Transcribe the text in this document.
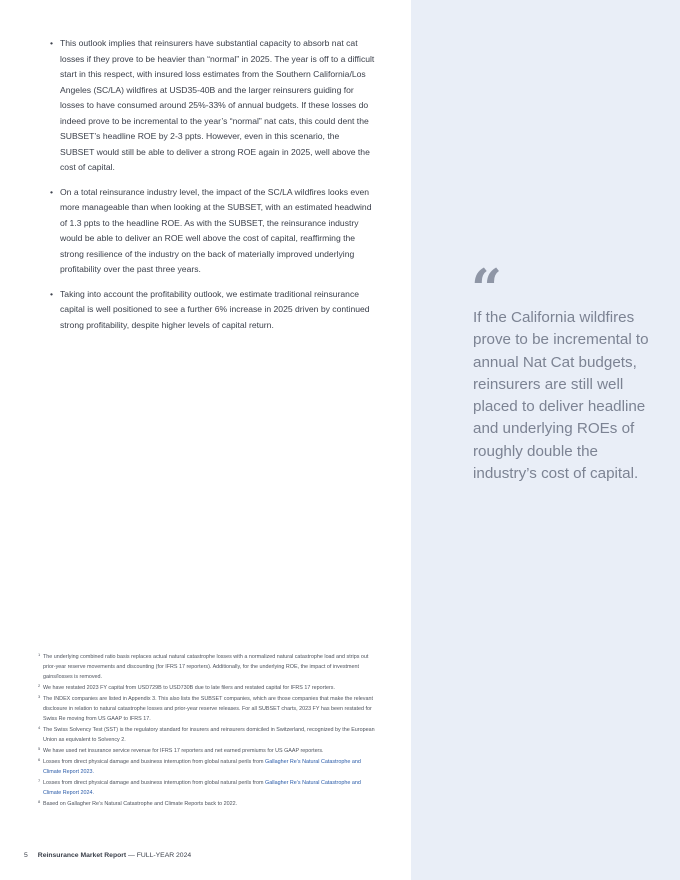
• This outlook implies that reinsurers have substantial capacity to absorb nat cat losses if they prove to be heavier than “normal” in 2025. The year is off to a difficult start in this respect, with insured loss estimates from the Southern California/Los Angeles (SC/LA) wildfires at USD35-40B and the larger reinsurers guiding for losses to have consumed around 25%-33% of annual budgets. If these losses do indeed prove to be incremental to the year’s “normal” nat cats, this could dent the SUBSET’s headline ROE by 2-3 ppts. However, even in this scenario, the SUBSET would still be able to deliver a strong ROE again in 2025, well above the cost of capital.
• On a total reinsurance industry level, the impact of the SC/LA wildfires looks even more manageable than when looking at the SUBSET, with an estimated headwind of 1.3 ppts to the headline ROE. As with the SUBSET, the reinsurance industry would be able to deliver an ROE well above the cost of capital, reaffirming the strong resilience of the industry on the back of materially improved underlying profitability over the past three years.
• Taking into account the profitability outlook, we estimate traditional reinsurance capital is well positioned to see a further 6% increase in 2025 driven by continued strong profitability, despite higher levels of capital return.
“
If the California wildfires prove to be incremental to annual Nat Cat budgets, reinsurers are still well placed to deliver headline and underlying ROEs of roughly double the industry’s cost of capital.
1 The underlying combined ratio basis replaces actual natural catastrophe losses with a normalized natural catastrophe load and strips out prior-year reserve movements and discounting (for IFRS 17 reporters). Additionally, for the underlying ROE, the impact of investment gains/losses is removed.
2 We have restated 2023 FY capital from USD729B to USD730B due to late filers and restated capital for IFRS 17 reporters.
3 The INDEX companies are listed in Appendix 3. This also lists the SUBSET companies, which are those companies that make the relevant disclosure in relation to natural catastrophe losses and prior-year reserve releases. For all SUBSET charts, 2023 FY has been restated for Swiss Re moving from US GAAP to IFRS 17.
4 The Swiss Solvency Test (SST) is the regulatory standard for insurers and reinsurers domiciled in Switzerland, recognized by the European Union as equivalent to Solvency 2.
5 We have used net insurance service revenue for IFRS 17 reporters and net earned premiums for US GAAP reporters.
6 Losses from direct physical damage and business interruption from global natural perils from Gallagher Re’s Natural Catastrophe and Climate Report 2023.
7 Losses from direct physical damage and business interruption from global natural perils from Gallagher Re’s Natural Catastrophe and Climate Report 2024.
8 Based on Gallagher Re’s Natural Catastrophe and Climate Reports back to 2022.
5 Reinsurance Market Report — FULL-YEAR 2024
